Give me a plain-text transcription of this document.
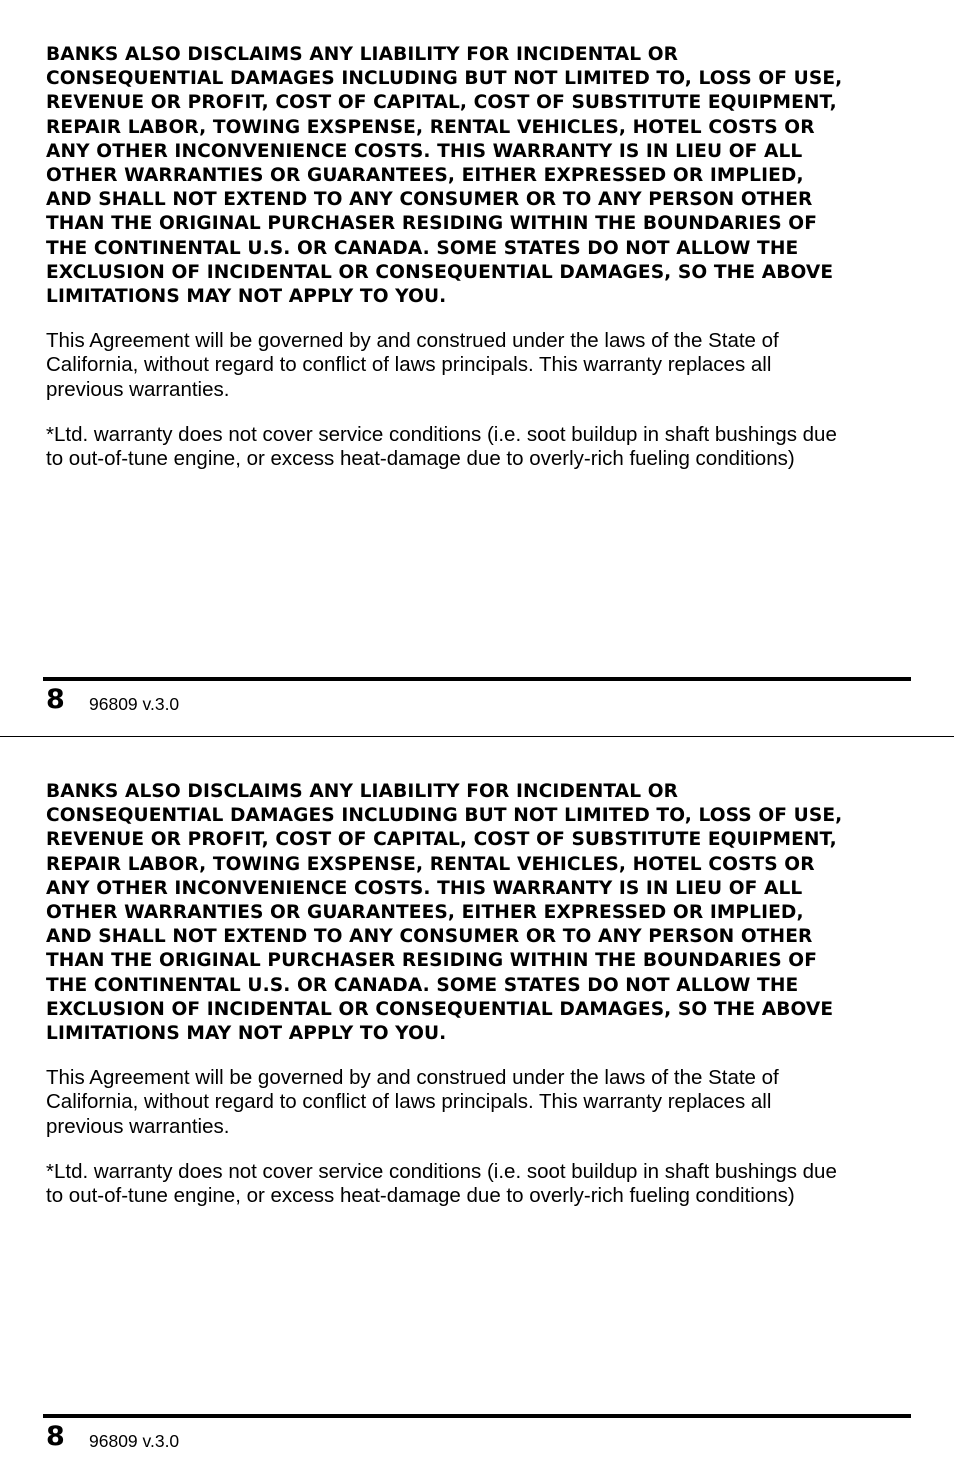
BANKS ALSO DISCLAIMS ANY LIABILITY FOR INCIDENTAL OR
CONSEQUENTIAL DAMAGES INCLUDING BUT NOT LIMITED TO, LOSS OF USE,
REVENUE OR PROFIT, COST OF CAPITAL, COST OF SUBSTITUTE EQUIPMENT,
REPAIR LABOR, TOWING EXSPENSE, RENTAL VEHICLES, HOTEL COSTS OR
ANY OTHER INCONVENIENCE COSTS. THIS WARRANTY IS IN LIEU OF ALL
OTHER WARRANTIES OR GUARANTEES, EITHER EXPRESSED OR IMPLIED,
AND SHALL NOT EXTEND TO ANY CONSUMER OR TO ANY PERSON OTHER
THAN THE ORIGINAL PURCHASER RESIDING WITHIN THE BOUNDARIES OF
THE CONTINENTAL U.S. OR CANADA. SOME STATES DO NOT ALLOW THE
EXCLUSION OF INCIDENTAL OR CONSEQUENTIAL DAMAGES, SO THE ABOVE
LIMITATIONS MAY NOT APPLY TO YOU.

This Agreement will be governed by and construed under the laws of the State of
California, without regard to conflict of laws principals. This warranty replaces all
previous warranties.

*Ltd. warranty does not cover service conditions (i.e. soot buildup in shaft bushings due
to out-of-tune engine, or excess heat-damage due to overly-rich fueling conditions)

8 96809 v.3.0

BANKS ALSO DISCLAIMS ANY LIABILITY FOR INCIDENTAL OR
CONSEQUENTIAL DAMAGES INCLUDING BUT NOT LIMITED TO, LOSS OF USE,
REVENUE OR PROFIT, COST OF CAPITAL, COST OF SUBSTITUTE EQUIPMENT,
REPAIR LABOR, TOWING EXSPENSE, RENTAL VEHICLES, HOTEL COSTS OR
ANY OTHER INCONVENIENCE COSTS. THIS WARRANTY IS IN LIEU OF ALL
OTHER WARRANTIES OR GUARANTEES, EITHER EXPRESSED OR IMPLIED,
AND SHALL NOT EXTEND TO ANY CONSUMER OR TO ANY PERSON OTHER
THAN THE ORIGINAL PURCHASER RESIDING WITHIN THE BOUNDARIES OF
THE CONTINENTAL U.S. OR CANADA. SOME STATES DO NOT ALLOW THE
EXCLUSION OF INCIDENTAL OR CONSEQUENTIAL DAMAGES, SO THE ABOVE
LIMITATIONS MAY NOT APPLY TO YOU.

This Agreement will be governed by and construed under the laws of the State of
California, without regard to conflict of laws principals. This warranty replaces all
previous warranties.

*Ltd. warranty does not cover service conditions (i.e. soot buildup in shaft bushings due
to out-of-tune engine, or excess heat-damage due to overly-rich fueling conditions)

8 96809 v.3.0
